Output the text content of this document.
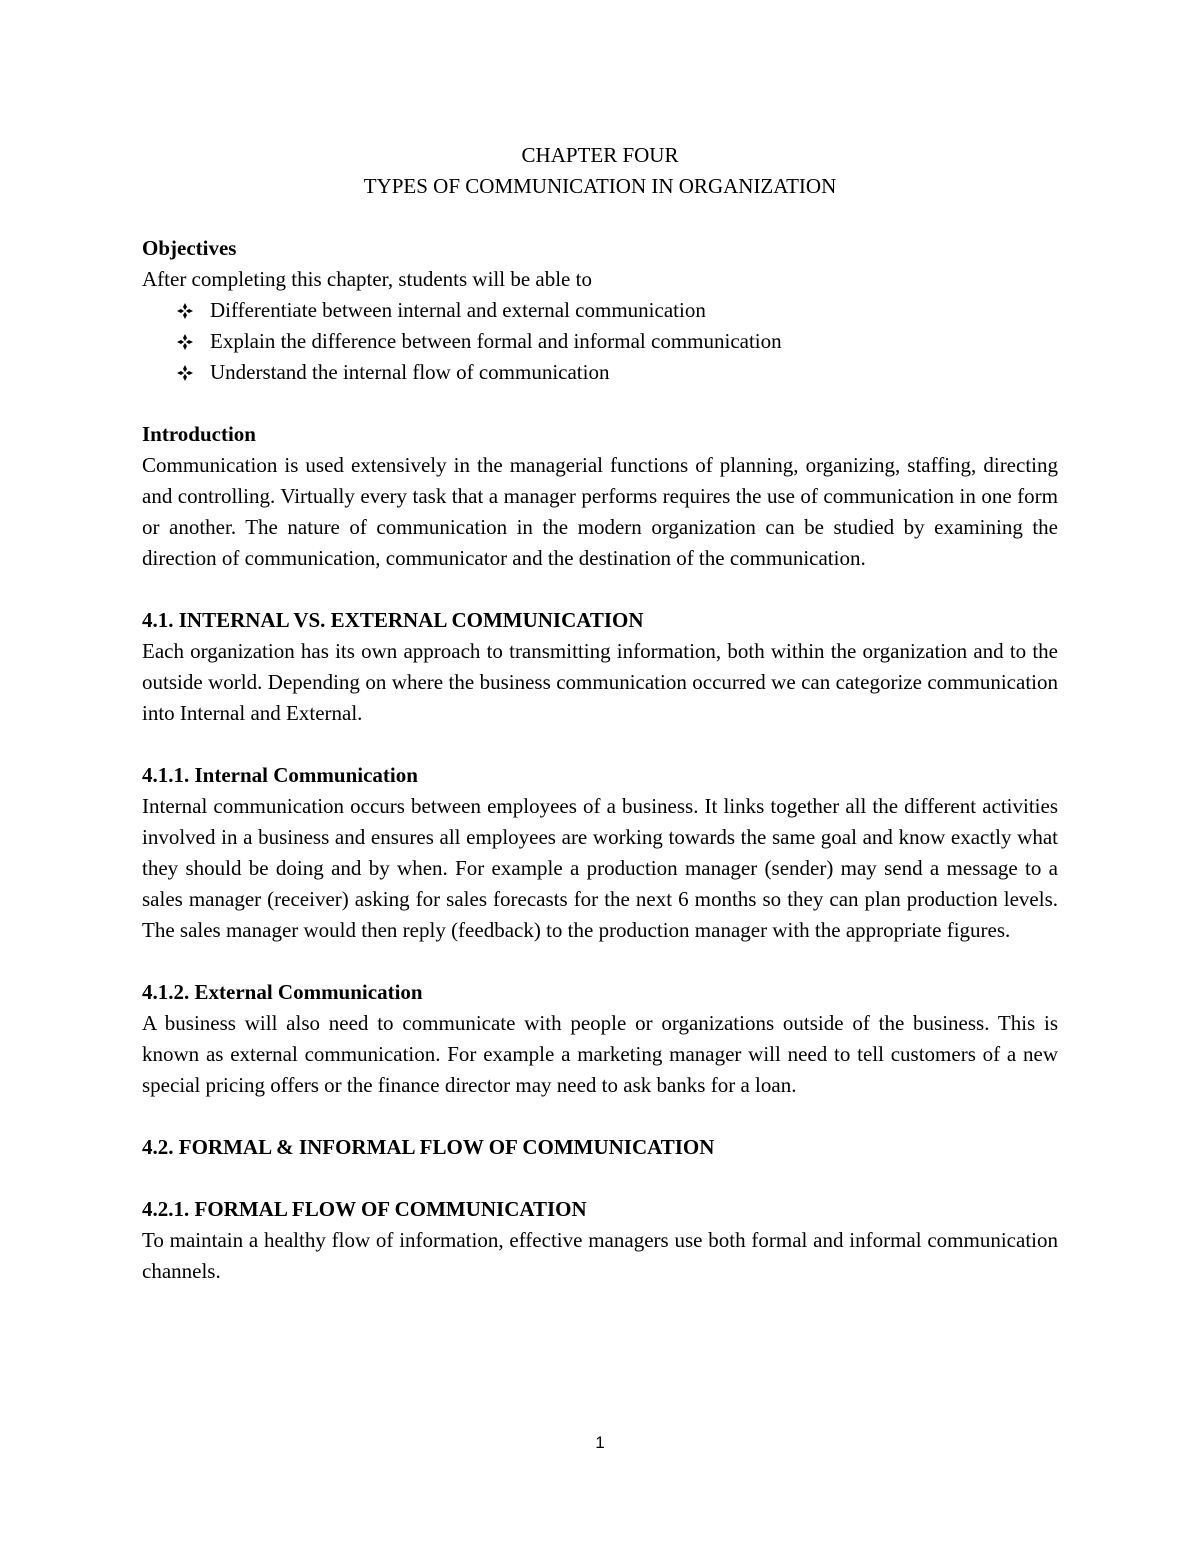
CHAPTER FOUR
TYPES OF COMMUNICATION IN ORGANIZATION
Objectives
After completing this chapter, students will be able to
Differentiate between internal and external communication
Explain the difference between formal and informal communication
Understand the internal flow of communication
Introduction

Communication is used extensively in the managerial functions of planning, organizing, staffing, directing and controlling. Virtually every task that a manager performs requires the use of communication in one form or another. The nature of communication in the modern organization can be studied by examining the direction of communication, communicator and the destination of the communication.

4.1. INTERNAL VS. EXTERNAL COMMUNICATION

Each organization has its own approach to transmitting information, both within the organization and to the outside world. Depending on where the business communication occurred we can categorize communication into Internal and External.

4.1.1. Internal Communication

Internal communication occurs between employees of a business. It links together all the different activities involved in a business and ensures all employees are working towards the same goal and know exactly what they should be doing and by when. For example a production manager (sender) may send a message to a sales manager (receiver) asking for sales forecasts for the next 6 months so they can plan production levels. The sales manager would then reply (feedback) to the production manager with the appropriate figures.

4.1.2. External Communication

A business will also need to communicate with people or organizations outside of the business. This is known as external communication. For example a marketing manager will need to tell customers of a new special pricing offers or the finance director may need to ask banks for a loan.

4.2. FORMAL & INFORMAL FLOW OF COMMUNICATION
4.2.1. FORMAL FLOW OF COMMUNICATION

To maintain a healthy flow of information, effective managers use both formal and informal communication channels.

1
